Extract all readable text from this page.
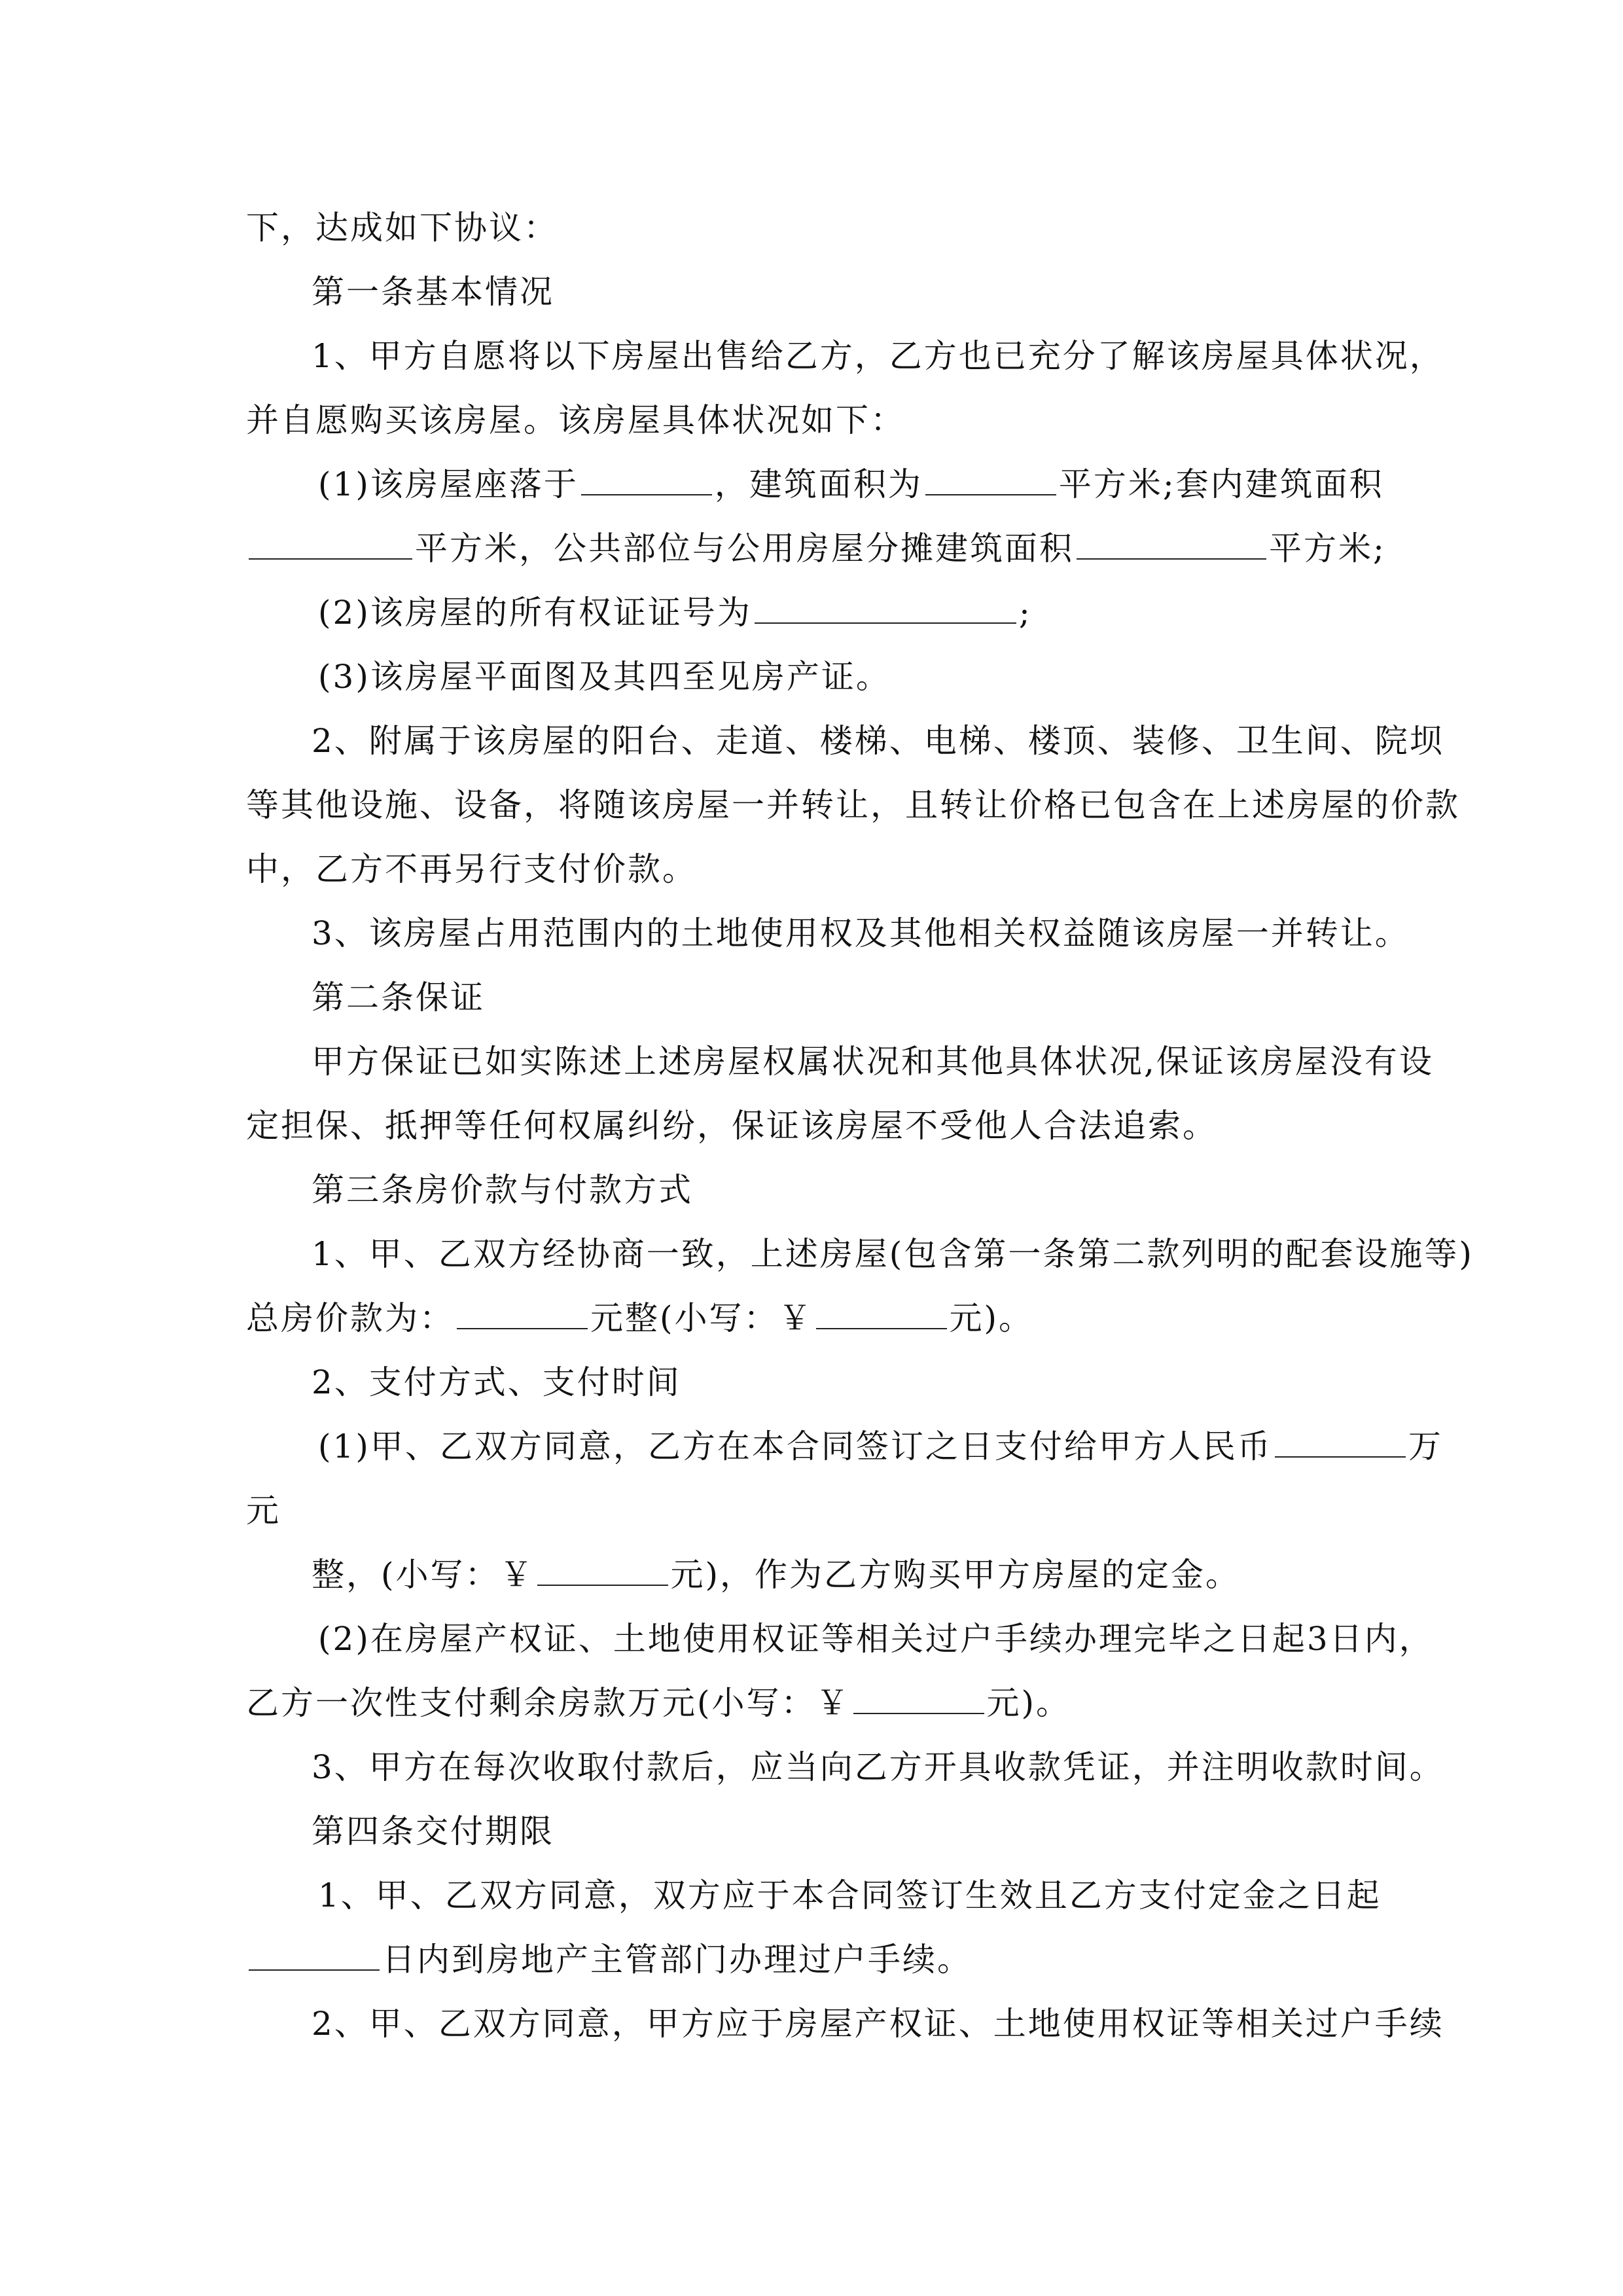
下，达成如下协议：
第一条基本情况
1、甲方自愿将以下房屋出售给乙方，乙方也已充分了解该房屋具体状况，
并自愿购买该房屋。该房屋具体状况如下：
(1)该房屋座落于	，建筑面积为	平方米;套内建筑面积
平方米，公共部位与公用房屋分摊建筑面积	平方米;
(2)该房屋的所有权证证号为	;
(3)该房屋平面图及其四至见房产证。
2、附属于该房屋的阳台、走道、楼梯、电梯、楼顶、装修、卫生间、院坝
等其他设施、设备，将随该房屋一并转让，且转让价格已包含在上述房屋的价款
中，乙方不再另行支付价款。
3、该房屋占用范围内的土地使用权及其他相关权益随该房屋一并转让。
第二条保证
甲方保证已如实陈述上述房屋权属状况和其他具体状况,保证该房屋没有设
定担保、抵押等任何权属纠纷，保证该房屋不受他人合法追索。
第三条房价款与付款方式
1、甲、乙双方经协商一致，上述房屋(包含第一条第二款列明的配套设施等)
总房价款为：	元整(小写：￥	元)。
2、支付方式、支付时间
(1)甲、乙双方同意，乙方在本合同签订之日支付给甲方人民币	万
元
整，(小写：￥	元)，作为乙方购买甲方房屋的定金。
(2)在房屋产权证、土地使用权证等相关过户手续办理完毕之日起3日内，
乙方一次性支付剩余房款万元(小写：￥	元)。
3、甲方在每次收取付款后，应当向乙方开具收款凭证，并注明收款时间。
第四条交付期限
1、甲、乙双方同意，双方应于本合同签订生效且乙方支付定金之日起
日内到房地产主管部门办理过户手续。
2、甲、乙双方同意，甲方应于房屋产权证、土地使用权证等相关过户手续
